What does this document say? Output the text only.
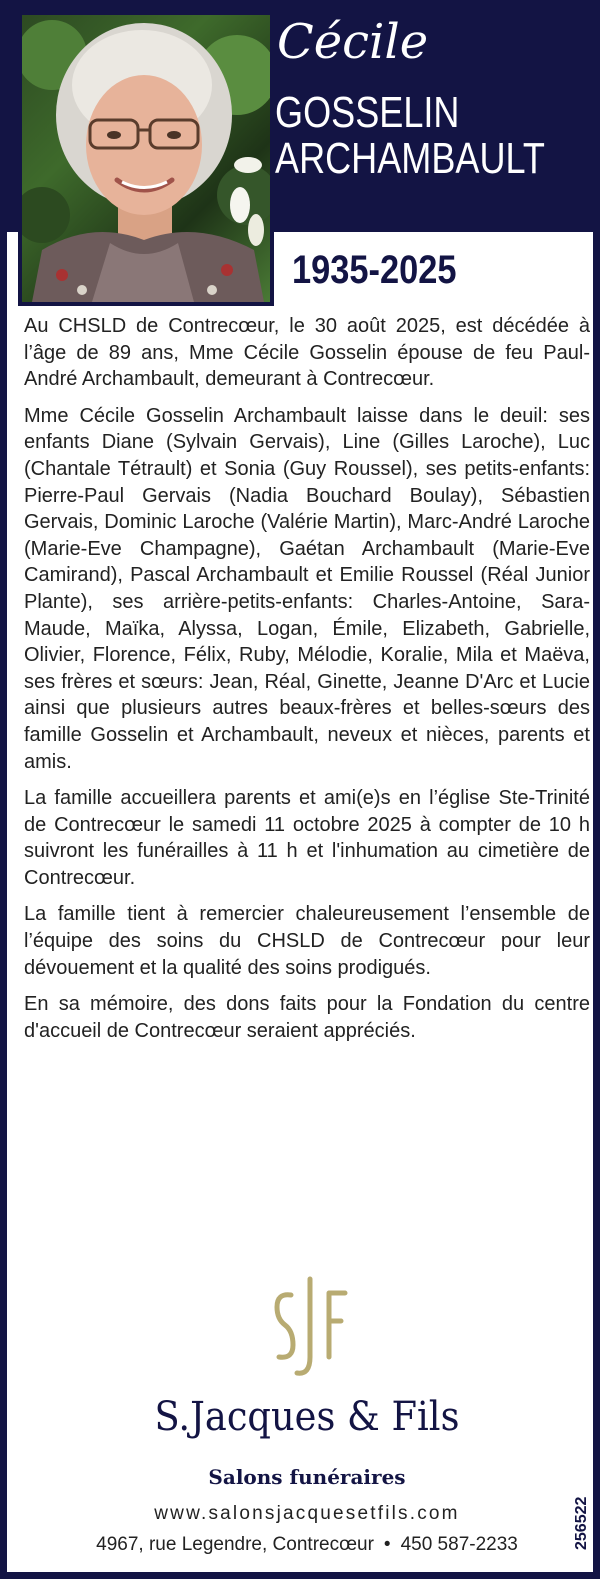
Cécile
GOSSELIN
ARCHAMBAULT
1935-2025

Au CHSLD de Contrecœur, le 30 août 2025, est décédée à l’âge de 89 ans, Mme Cécile Gosselin épouse de feu Paul-André Archambault, demeurant à Contrecœur.

Mme Cécile Gosselin Archambault laisse dans le deuil: ses enfants Diane (Sylvain Gervais), Line (Gilles Laroche), Luc (Chantale Tétrault) et Sonia (Guy Roussel), ses petits-enfants: Pierre-Paul Gervais (Nadia Bouchard Boulay), Sébastien Gervais, Dominic Laroche (Valérie Martin), Marc-André Laroche (Marie-Eve Champagne), Gaétan Archambault (Marie-Eve Camirand), Pascal Archambault et Emilie Roussel (Réal Junior Plante), ses arrière-petits-enfants: Charles-Antoine, Sara-Maude, Maïka, Alyssa, Logan, Émile, Elizabeth, Gabrielle, Olivier, Florence, Félix, Ruby, Mélodie, Koralie, Mila et Maëva, ses frères et sœurs: Jean, Réal, Ginette, Jeanne D'Arc et Lucie ainsi que plusieurs autres beaux-frères et belles-sœurs des famille Gosselin et Archambault, neveux et nièces, parents et amis.

La famille accueillera parents et ami(e)s en l’église Ste-Trinité de Contrecœur le samedi 11 octobre 2025 à compter de 10 h suivront les funérailles à 11 h et l'inhumation au cimetière de Contrecœur.

La famille tient à remercier chaleureusement l’ensemble de l’équipe des soins du CHSLD de Contrecœur pour leur dévouement et la qualité des soins prodigués.

En sa mémoire, des dons faits pour la Fondation du centre d'accueil de Contrecœur seraient appréciés.

S.Jacques & Fils
Salons funéraires
www.salonsjacquesetfils.com
4967, rue Legendre, Contrecœur • 450 587-2233	256522
